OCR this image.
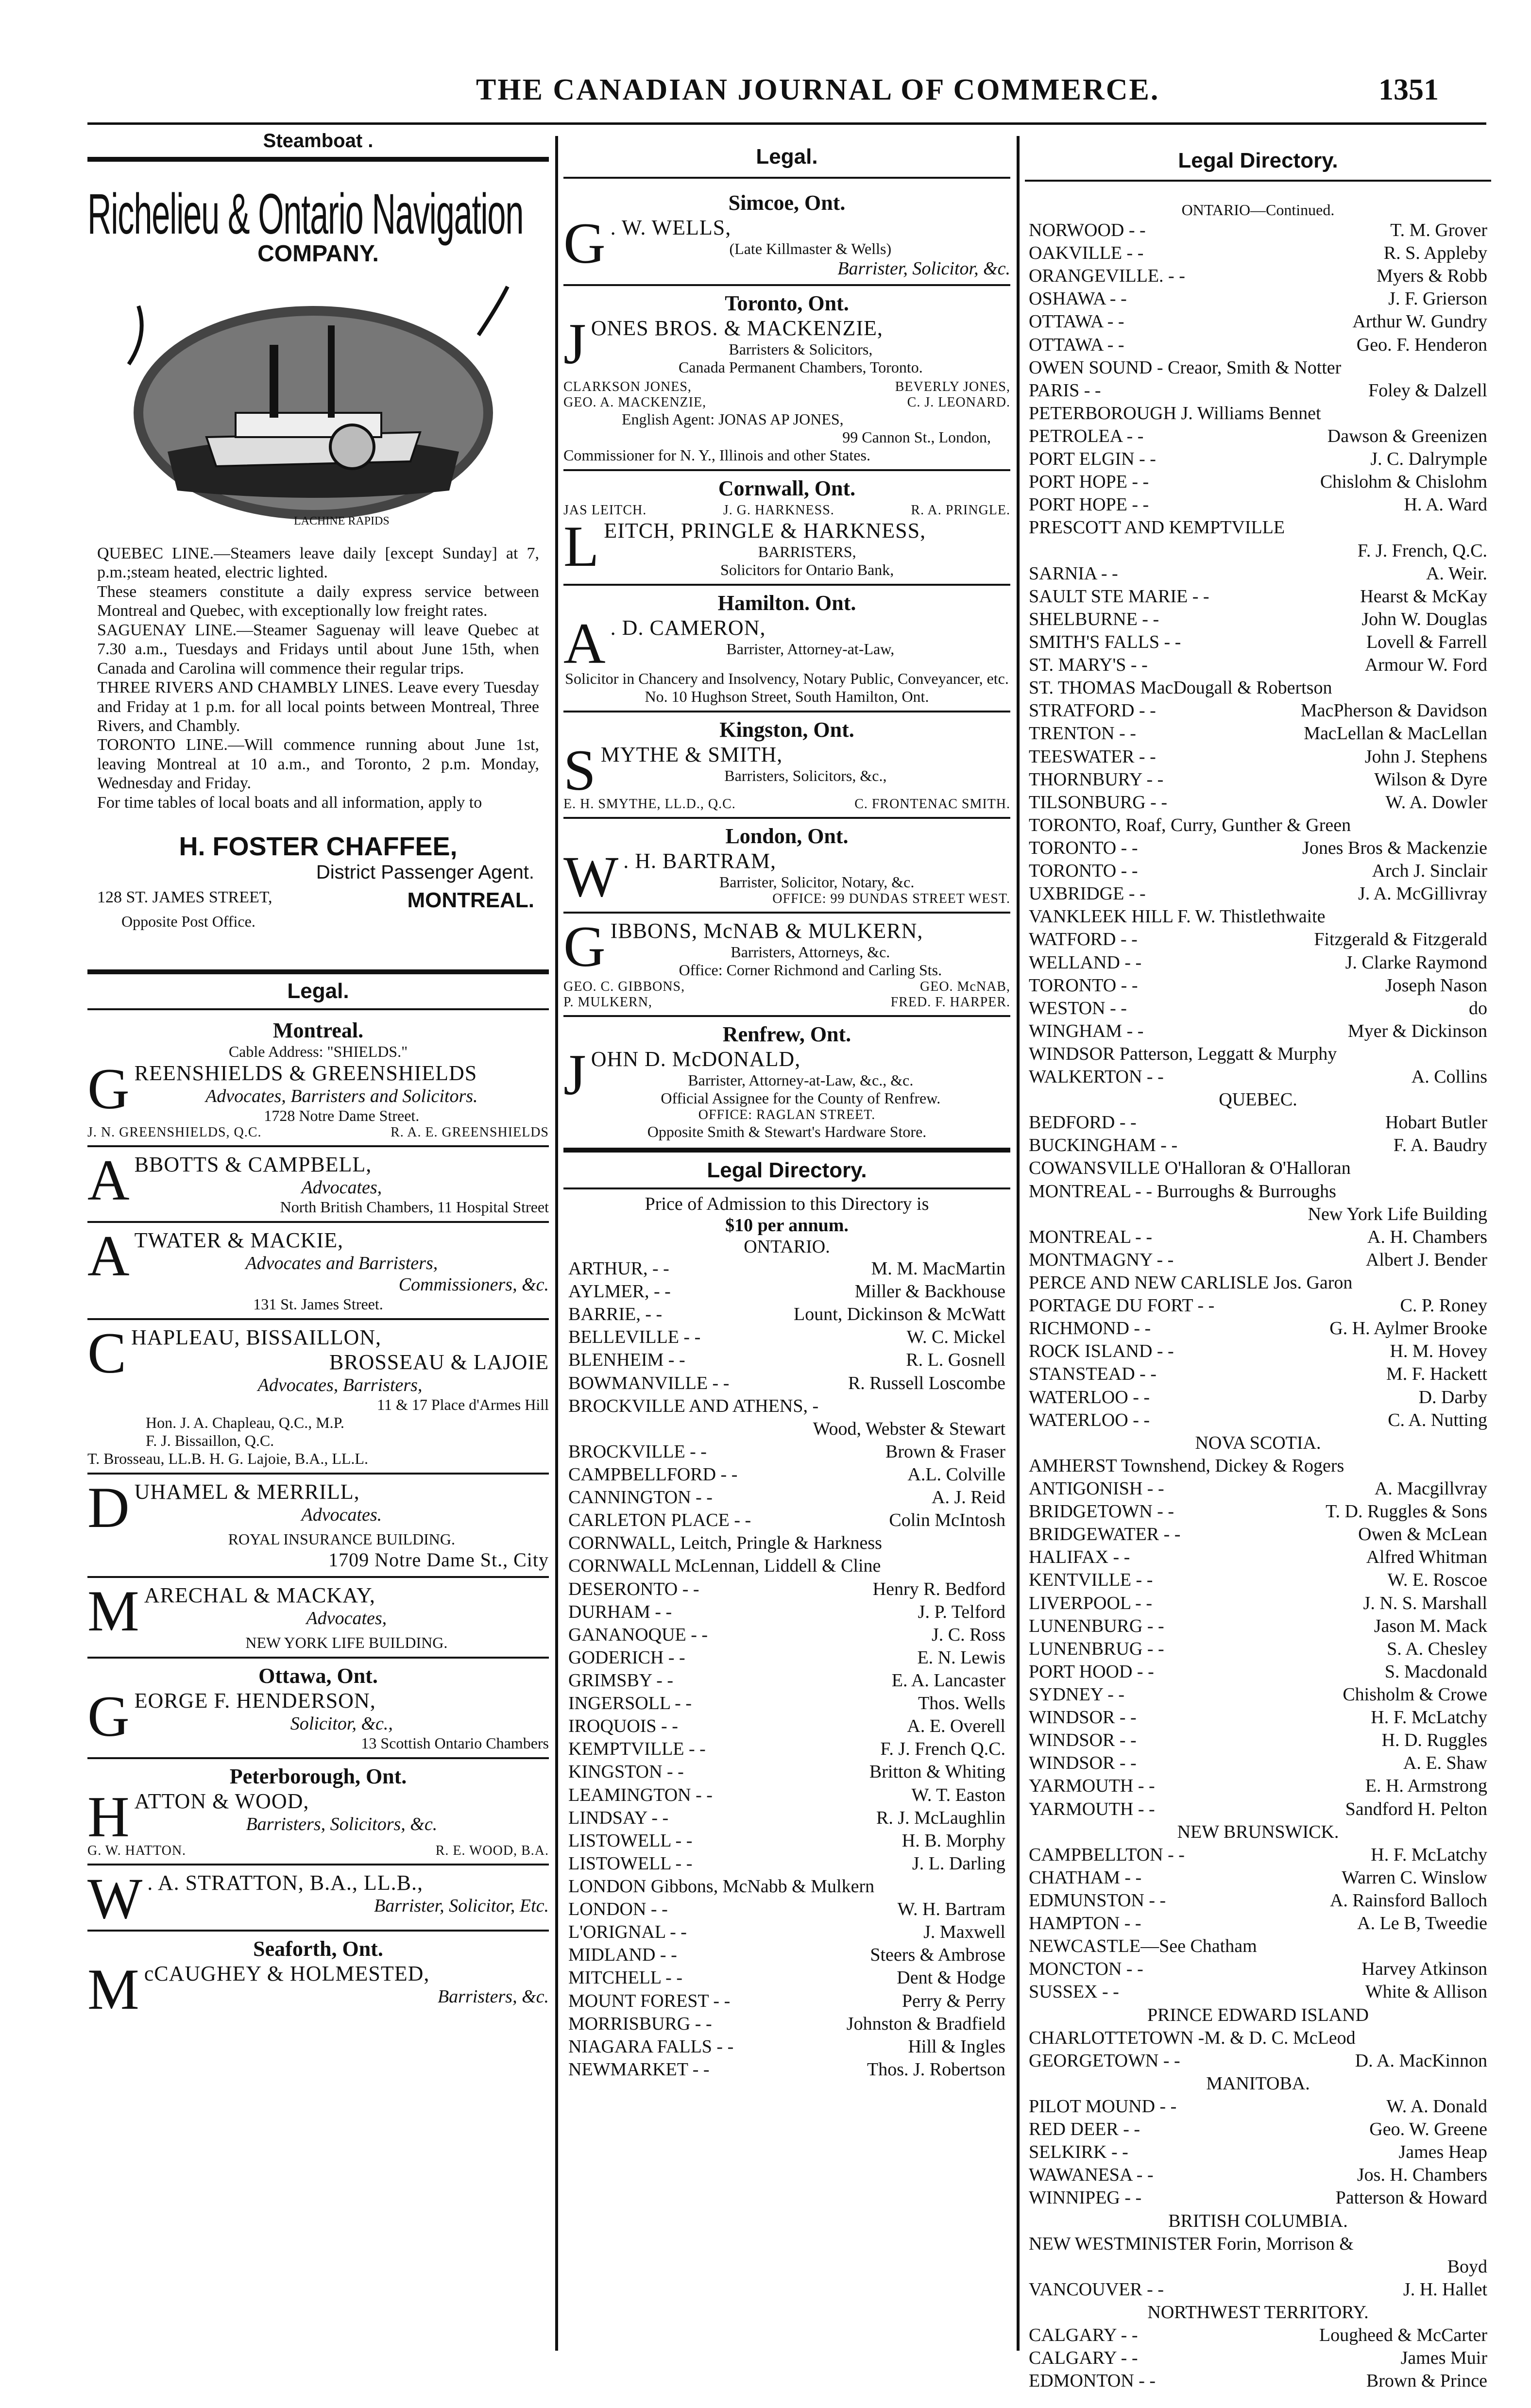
THE CANADIAN JOURNAL OF COMMERCE.	1351
Steamboat .
Richelieu & Ontario Navigation
COMPANY.
LACHINE RAPIDS
QUEBEC LINE.—Steamers leave daily [except Sunday] at 7, p.m.;steam heated, electric lighted.
These steamers constitute a daily express service between Montreal and Quebec, with exceptionally low freight rates.
SAGUENAY LINE.—Steamer Saguenay will leave Quebec at 7.30 a.m., Tuesdays and Fridays until about June 15th, when Canada and Carolina will commence their regular trips.
THREE RIVERS AND CHAMBLY LINES. Leave every Tuesday and Friday at 1 p.m. for all local points between Montreal, Three Rivers, and Chambly.
TORONTO LINE.—Will commence running about June 1st, leaving Montreal at 10 a.m., and Toronto, 2 p.m. Monday, Wednesday and Friday.
For time tables of local boats and all information, apply to
H. FOSTER CHAFFEE,
District Passenger Agent.
128 ST. JAMES STREET,	MONTREAL.
Opposite Post Office.
Legal.
Montreal.
Cable Address: "SHIELDS."
G REENSHIELDS & GREENSHIELDS
Advocates, Barristers and Solicitors.
1728 Notre Dame Street.
J. N. GREENSHIELDS, Q.C.	R. A. E. GREENSHIELDS
A BBOTTS & CAMPBELL,
Advocates,
North British Chambers, 11 Hospital Street
A TWATER & MACKIE,
Advocates and Barristers,
Commissioners, &c.
131 St. James Street.
C HAPLEAU, BISSAILLON,
BROSSEAU & LAJOIE
Advocates, Barristers,
11 & 17 Place d'Armes Hill
Hon. J. A. Chapleau, Q.C., M.P.
F. J. Bissaillon, Q.C.
T. Brosseau, LL.B. H. G. Lajoie, B.A., LL.L.
D UHAMEL & MERRILL,
Advocates.
ROYAL INSURANCE BUILDING.
1709 Notre Dame St., City
M ARECHAL & MACKAY,
Advocates,
NEW YORK LIFE BUILDING.
Ottawa, Ont.
G EORGE F. HENDERSON,
Solicitor, &c.,
13 Scottish Ontario Chambers
Peterborough, Ont.
H ATTON & WOOD,
Barristers, Solicitors, &c.
G. W. HATTON.	R. E. WOOD, B.A.
W . A. STRATTON, B.A., LL.B.,
Barrister, Solicitor, Etc.
Seaforth, Ont.
M cCAUGHEY & HOLMESTED,
Barristers, &c.
Legal.
Simcoe, Ont.
G . W. WELLS,
(Late Killmaster & Wells)
Barrister, Solicitor, &c.
Toronto, Ont.
J ONES BROS. & MACKENZIE,
Barristers & Solicitors,
Canada Permanent Chambers, Toronto.
CLARKSON JONES,	BEVERLY JONES,
GEO. A. MACKENZIE,	C. J. LEONARD.
English Agent: JONAS AP JONES,
99 Cannon St., London,
Commissioner for N. Y., Illinois and other States.
Cornwall, Ont.
JAS LEITCH.	J. G. HARKNESS.	R. A. PRINGLE.
L EITCH, PRINGLE & HARKNESS,
BARRISTERS,
Solicitors for Ontario Bank,
Hamilton. Ont.
A . D. CAMERON,
Barrister, Attorney-at-Law,
Solicitor in Chancery and Insolvency, Notary Public, Conveyancer, etc.
No. 10 Hughson Street, South Hamilton, Ont.
Kingston, Ont.
S MYTHE & SMITH,
Barristers, Solicitors, &c.,
E. H. SMYTHE, LL.D., Q.C.	C. FRONTENAC SMITH.
London, Ont.
W . H. BARTRAM,
Barrister, Solicitor, Notary, &c.
OFFICE: 99 DUNDAS STREET WEST.
G IBBONS, McNAB & MULKERN,
Barristers, Attorneys, &c.
Office: Corner Richmond and Carling Sts.
GEO. C. GIBBONS,	GEO. McNAB,
P. MULKERN,	FRED. F. HARPER.
Renfrew, Ont.
J OHN D. McDONALD,
Barrister, Attorney-at-Law, &c., &c.
Official Assignee for the County of Renfrew.
OFFICE: RAGLAN STREET.
Opposite Smith & Stewart's Hardware Store.
Legal Directory.
Price of Admission to this Directory is
$10 per annum.
ONTARIO.
ARTHUR, - -	M. M. MacMartin
AYLMER, - -	Miller & Backhouse
BARRIE, - -	Lount, Dickinson & McWatt
BELLEVILLE - -	W. C. Mickel
BLENHEIM - -	R. L. Gosnell
BOWMANVILLE - -	R. Russell Loscombe
BROCKVILLE AND ATHENS, -
Wood, Webster & Stewart
BROCKVILLE - -	Brown & Fraser
CAMPBELLFORD - -	A.L. Colville
CANNINGTON - -	A. J. Reid
CARLETON PLACE - -	Colin McIntosh
CORNWALL, Leitch, Pringle & Harkness
CORNWALL McLennan, Liddell & Cline
DESERONTO - -	Henry R. Bedford
DURHAM - -	J. P. Telford
GANANOQUE - -	J. C. Ross
GODERICH - -	E. N. Lewis
GRIMSBY - -	E. A. Lancaster
INGERSOLL - -	Thos. Wells
IROQUOIS - -	A. E. Overell
KEMPTVILLE - -	F. J. French Q.C.
KINGSTON - -	Britton & Whiting
LEAMINGTON - -	W. T. Easton
LINDSAY - -	R. J. McLaughlin
LISTOWELL - -	H. B. Morphy
LISTOWELL - -	J. L. Darling
LONDON Gibbons, McNabb & Mulkern
LONDON - -	W. H. Bartram
L'ORIGNAL - -	J. Maxwell
MIDLAND - -	Steers & Ambrose
MITCHELL - -	Dent & Hodge
MOUNT FOREST - -	Perry & Perry
MORRISBURG - -	Johnston & Bradfield
NIAGARA FALLS - -	Hill & Ingles
NEWMARKET - -	Thos. J. Robertson
Legal Directory.
ONTARIO—Continued.
NORWOOD - -	T. M. Grover
OAKVILLE - -	R. S. Appleby
ORANGEVILLE. - -	Myers & Robb
OSHAWA - -	J. F. Grierson
OTTAWA - -	Arthur W. Gundry
OTTAWA - -	Geo. F. Henderon
OWEN SOUND - Creaor, Smith & Notter
PARIS - -	Foley & Dalzell
PETERBOROUGH J. Williams Bennet
PETROLEA - -	Dawson & Greenizen
PORT ELGIN - -	J. C. Dalrymple
PORT HOPE - -	Chislohm & Chislohm
PORT HOPE - -	H. A. Ward
PRESCOTT AND KEMPTVILLE
F. J. French, Q.C.
SARNIA - -	A. Weir.
SAULT STE MARIE - -	Hearst & McKay
SHELBURNE - -	John W. Douglas
SMITH'S FALLS - -	Lovell & Farrell
ST. MARY'S - -	Armour W. Ford
ST. THOMAS MacDougall & Robertson
STRATFORD - -	MacPherson & Davidson
TRENTON - -	MacLellan & MacLellan
TEESWATER - -	John J. Stephens
THORNBURY - -	Wilson & Dyre
TILSONBURG - -	W. A. Dowler
TORONTO, Roaf, Curry, Gunther & Green
TORONTO - -	Jones Bros & Mackenzie
TORONTO - -	Arch J. Sinclair
UXBRIDGE - -	J. A. McGillivray
VANKLEEK HILL F. W. Thistlethwaite
WATFORD - -	Fitzgerald & Fitzgerald
WELLAND - -	J. Clarke Raymond
TORONTO - -	Joseph Nason
WESTON - -	do
WINGHAM - -	Myer & Dickinson
WINDSOR Patterson, Leggatt & Murphy
WALKERTON - -	A. Collins
QUEBEC.
BEDFORD - -	Hobart Butler
BUCKINGHAM - -	F. A. Baudry
COWANSVILLE O'Halloran & O'Halloran
MONTREAL - - Burroughs & Burroughs
New York Life Building
MONTREAL - -	A. H. Chambers
MONTMAGNY - -	Albert J. Bender
PERCE AND NEW CARLISLE Jos. Garon
PORTAGE DU FORT - -	C. P. Roney
RICHMOND - -	G. H. Aylmer Brooke
ROCK ISLAND - -	H. M. Hovey
STANSTEAD - -	M. F. Hackett
WATERLOO - -	D. Darby
WATERLOO - -	C. A. Nutting
NOVA SCOTIA.
AMHERST Townshend, Dickey & Rogers
ANTIGONISH - -	A. Macgillvray
BRIDGETOWN - -	T. D. Ruggles & Sons
BRIDGEWATER - -	Owen & McLean
HALIFAX - -	Alfred Whitman
KENTVILLE - -	W. E. Roscoe
LIVERPOOL - -	J. N. S. Marshall
LUNENBURG - -	Jason M. Mack
LUNENBRUG - -	S. A. Chesley
PORT HOOD - -	S. Macdonald
SYDNEY - -	Chisholm & Crowe
WINDSOR - -	H. F. McLatchy
WINDSOR - -	H. D. Ruggles
WINDSOR - -	A. E. Shaw
YARMOUTH - -	E. H. Armstrong
YARMOUTH - -	Sandford H. Pelton
NEW BRUNSWICK.
CAMPBELLTON - -	H. F. McLatchy
CHATHAM - -	Warren C. Winslow
EDMUNSTON - -	A. Rainsford Balloch
HAMPTON - -	A. Le B, Tweedie
NEWCASTLE—See Chatham
MONCTON - -	Harvey Atkinson
SUSSEX - -	White & Allison
PRINCE EDWARD ISLAND
CHARLOTTETOWN -M. & D. C. McLeod
GEORGETOWN - -	D. A. MacKinnon
MANITOBA.
PILOT MOUND - -	W. A. Donald
RED DEER - -	Geo. W. Greene
SELKIRK - -	James Heap
WAWANESA - -	Jos. H. Chambers
WINNIPEG - -	Patterson & Howard
BRITISH COLUMBIA.
NEW WESTMINISTER Forin, Morrison &
Boyd
VANCOUVER - -	J. H. Hallet
NORTHWEST TERRITORY.
CALGARY - -	Lougheed & McCarter
CALGARY - -	James Muir
EDMONTON - -	Brown & Prince
